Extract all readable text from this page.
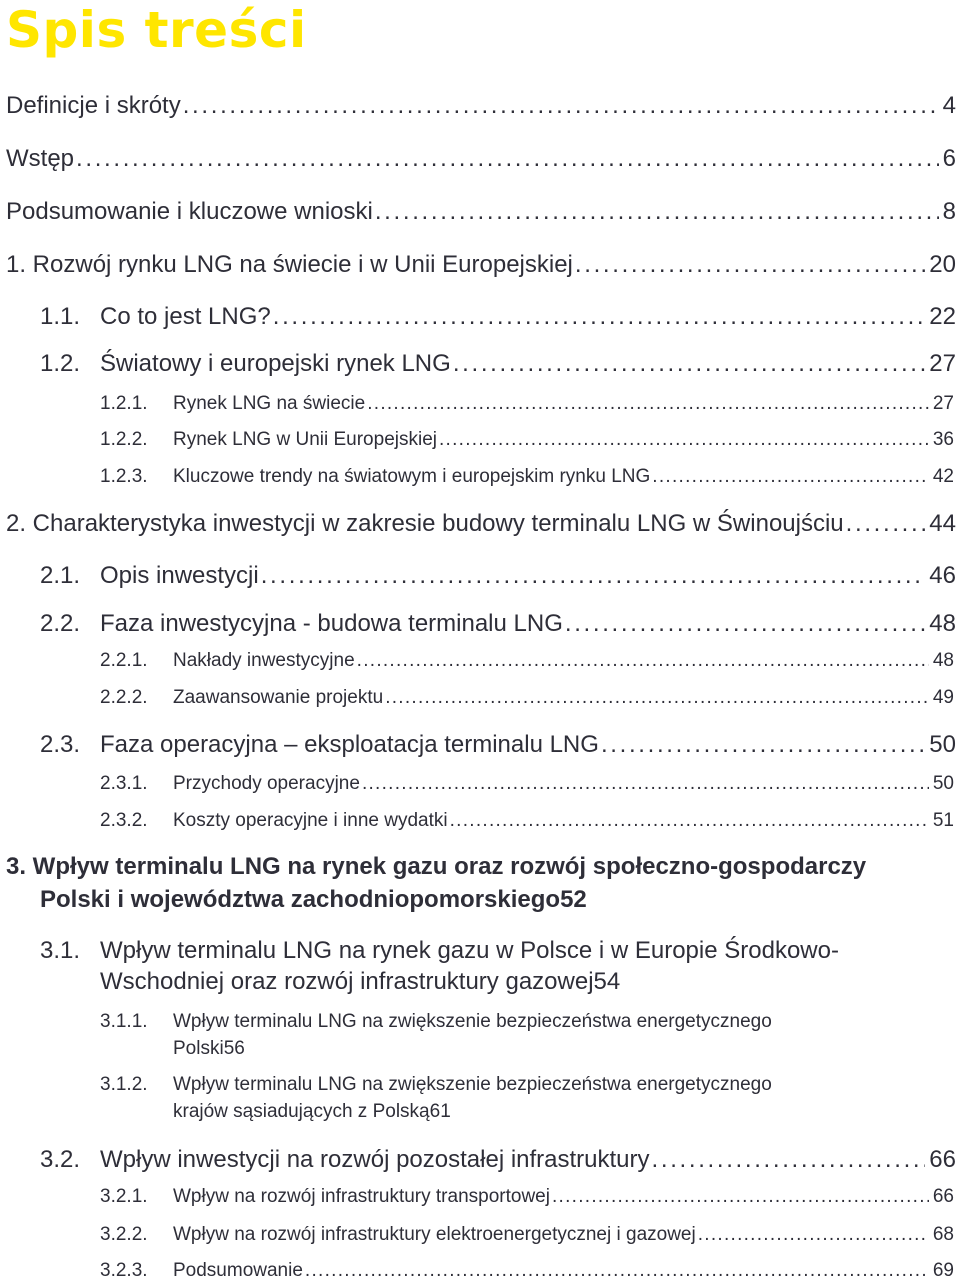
Spis treści
Definicje i skróty . . .	4
Wstęp . . .	6
Podsumowanie i kluczowe wnioski . . .	8
1. Rozwój rynku LNG na świecie i w Unii Europejskiej . . .	20
1.1. Co to jest LNG? . . .	22
1.2. Światowy i europejski rynek LNG . . .	27
1.2.1.	Rynek LNG na świecie . . .	27
1.2.2.	Rynek LNG w Unii Europejskiej . . .	36
1.2.3.	Kluczowe trendy na światowym i europejskim rynku LNG . . .	42
2. Charakterystyka inwestycji w zakresie budowy terminalu LNG w Świnoujściu . . .	44
2.1. Opis inwestycji . . .	46
2.2. Faza inwestycyjna - budowa terminalu LNG . . .	48
2.2.1.	Nakłady inwestycyjne . . .	48
2.2.2.	Zaawansowanie projektu . . .	49
2.3. Faza operacyjna – eksploatacja terminalu LNG . . .	50
2.3.1.	Przychody operacyjne . . .	50
2.3.2.	Koszty operacyjne i inne wydatki . . .	51
3. Wpływ terminalu LNG na rynek gazu oraz rozwój społeczno-gospodarczy
Polski i województwa zachodniopomorskiego 52
3.1. Wpływ terminalu LNG na rynek gazu w Polsce i w Europie Środkowo-
Wschodniej oraz rozwój infrastruktury gazowej 54
3.1.1. Wpływ terminalu LNG na zwiększenie bezpieczeństwa energetycznego
Polski 56
3.1.2. Wpływ terminalu LNG na zwiększenie bezpieczeństwa energetycznego
krajów sąsiadujących z Polską 61
3.2. Wpływ inwestycji na rozwój pozostałej infrastruktury . . .	66
3.2.1.	Wpływ na rozwój infrastruktury transportowej . . .	66
3.2.2.	Wpływ na rozwój infrastruktury elektroenergetycznej i gazowej . . .	68
3.2.3.	Podsumowanie . . .	69
